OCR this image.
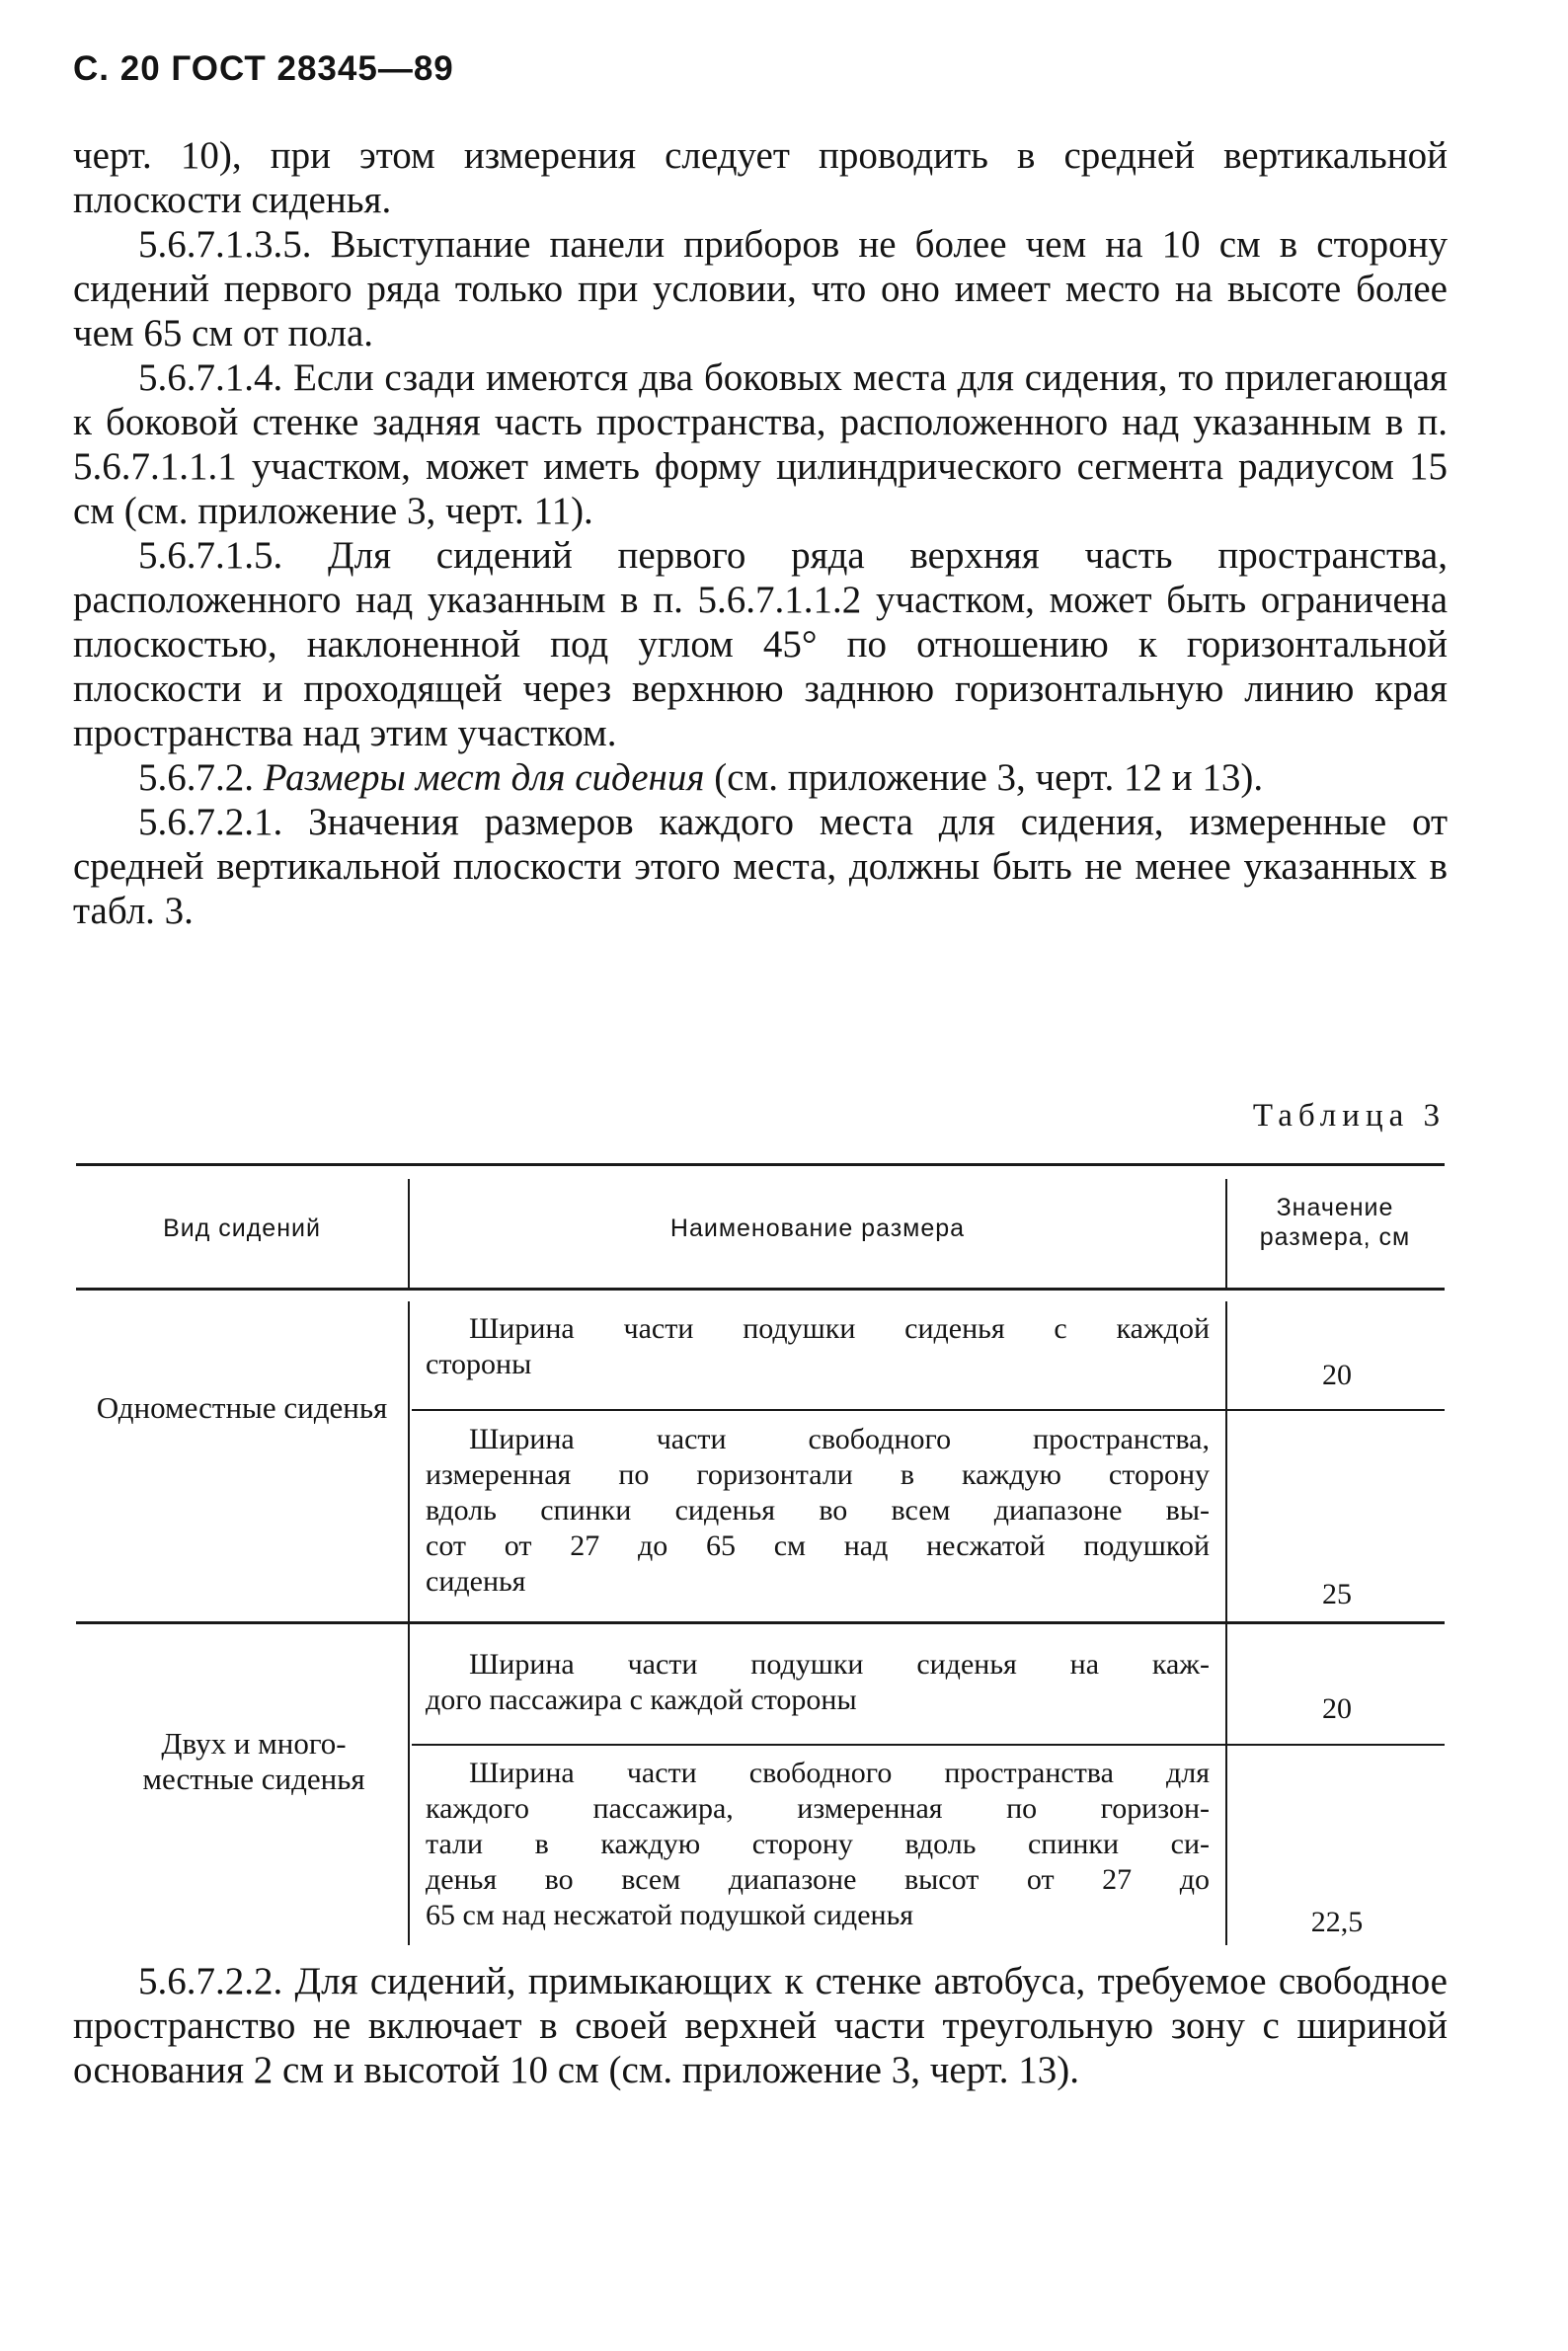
С. 20 ГОСТ 28345—89

черт. 10), при этом измерения следует проводить в средней вертикальной плоскости сиденья.

5.6.7.1.3.5. Выступание панели приборов не более чем на 10 см в сторону сидений первого ряда только при условии, что оно имеет место на высоте более чем 65 см от пола.

5.6.7.1.4. Если сзади имеются два боковых места для сидения, то прилегающая к боковой стенке задняя часть пространства, расположенного над указанным в п. 5.6.7.1.1.1 участком, может иметь форму цилиндрического сегмента радиусом 15 см (см. приложение 3, черт. 11).

5.6.7.1.5. Для сидений первого ряда верхняя часть пространства, расположенного над указанным в п. 5.6.7.1.1.2 участком, может быть ограничена плоскостью, наклоненной под углом 45° по отношению к горизонтальной плоскости и проходящей через верхнюю заднюю горизонтальную линию края пространства над этим участком.

5.6.7.2. Размеры мест для сидения (см. приложение 3, черт. 12 и 13).

5.6.7.2.1. Значения размеров каждого места для сидения, измеренные от средней вертикальной плоскости этого места, должны быть не менее указанных в табл. 3.

Таблица 3
Вид сидений	Наименование размера
Значение размера, см
Одноместные сиденья
Ширина части подушки сиденья с каждой
стороны	20
Ширина части свободного пространства,
измеренная по горизонтали в каждую сторону
вдоль спинки сиденья во всем диапазоне вы-
сот от 27 до 65 см над несжатой подушкой
сиденья	25
Двух и много- местные сиденья
Ширина части подушки сиденья на каж-
дого пассажира с каждой стороны	20
Ширина части свободного пространства для
каждого пассажира, измеренная по горизон-
тали в каждую сторону вдоль спинки си-
денья во всем диапазоне высот от 27 до
65 см над несжатой подушкой сиденья	22,5

5.6.7.2.2. Для сидений, примыкающих к стенке автобуса, требуемое свободное пространство не включает в своей верхней части треугольную зону с шириной основания 2 см и высотой 10 см (см. приложение 3, черт. 13).
